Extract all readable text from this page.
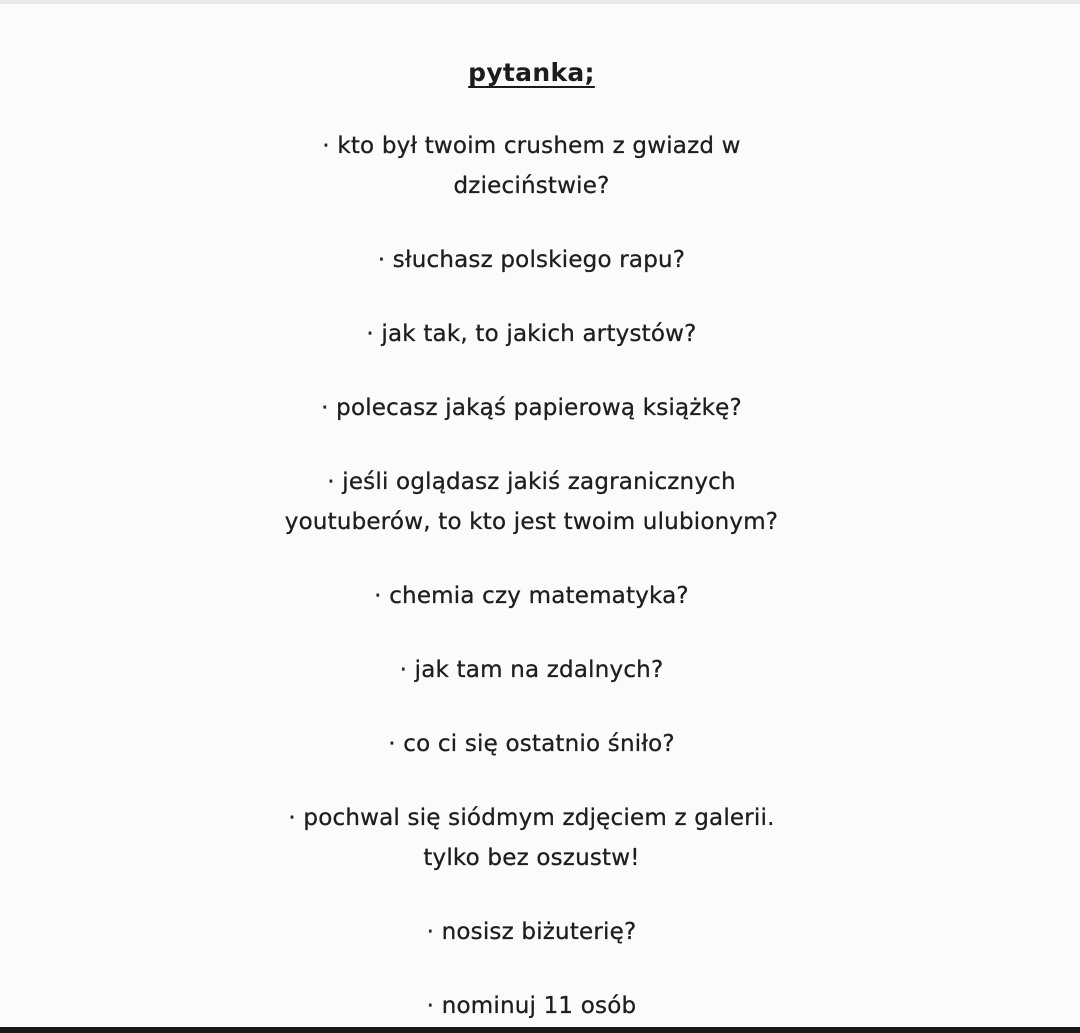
pytanka;
· kto był twoim crushem z gwiazd w
dzieciństwie?
· słuchasz polskiego rapu?
· jak tak, to jakich artystów?
· polecasz jakąś papierową książkę?
· jeśli oglądasz jakiś zagranicznych
youtuberów, to kto jest twoim ulubionym?
· chemia czy matematyka?
· jak tam na zdalnych?
· co ci się ostatnio śniło?
· pochwal się siódmym zdjęciem z galerii.
tylko bez oszustw!
· nosisz biżuterię?
· nominuj 11 osób
